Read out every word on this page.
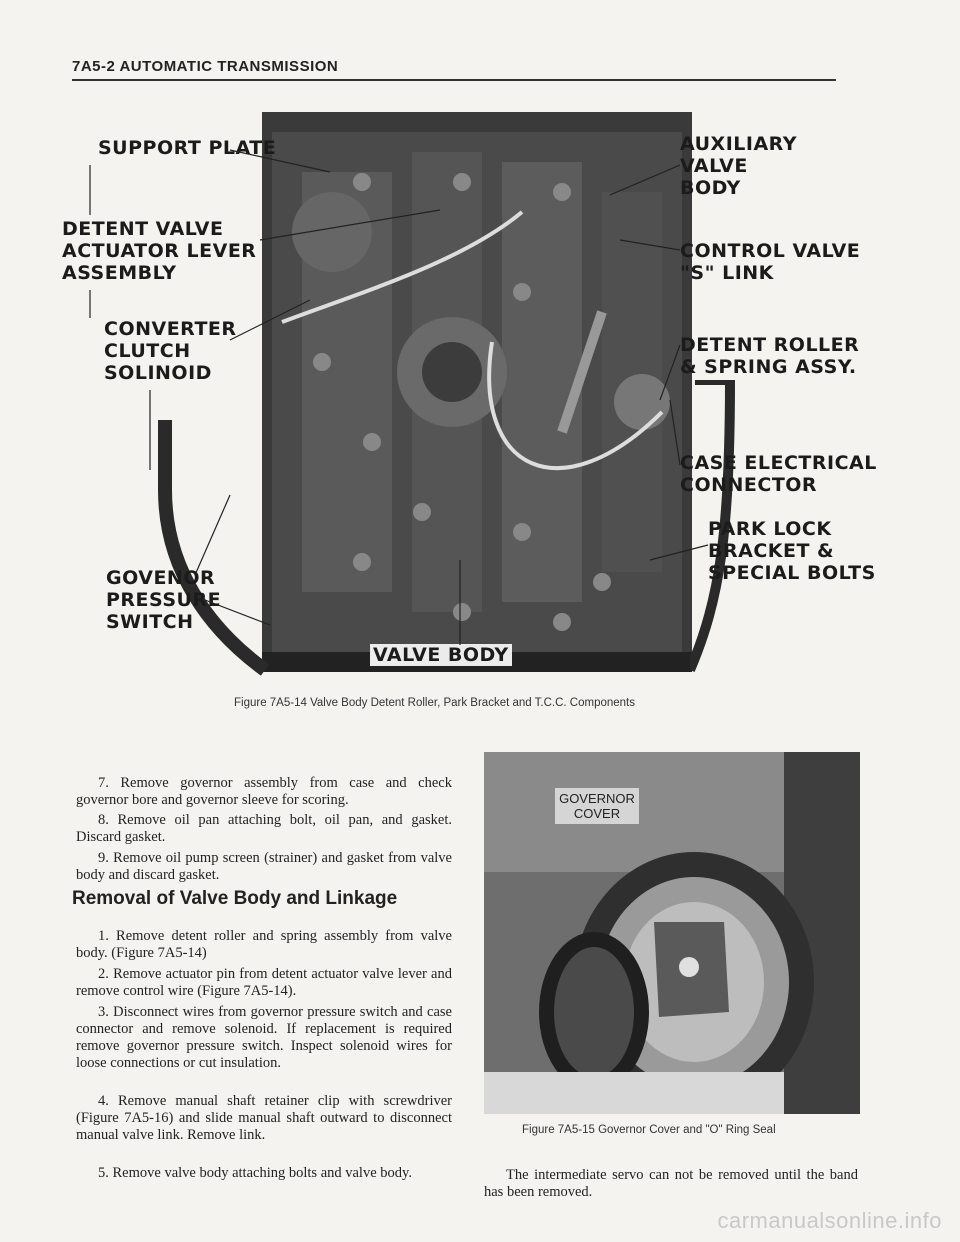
7A5-2 AUTOMATIC TRANSMISSION
SUPPORT PLATE
DETENT VALVE
ACTUATOR LEVER
ASSEMBLY
CONVERTER
CLUTCH
SOLINOID
GOVENOR
PRESSURE
SWITCH
VALVE BODY
AUXILIARY
VALVE
BODY
CONTROL VALVE
"S" LINK
DETENT ROLLER
& SPRING ASSY.
CASE ELECTRICAL
CONNECTOR
PARK LOCK
BRACKET &
SPECIAL BOLTS
Figure 7A5-14 Valve Body Detent Roller, Park Bracket and T.C.C. Components
7. Remove governor assembly from case and check governor bore and governor sleeve for scoring.
8. Remove oil pan attaching bolt, oil pan, and gasket. Discard gasket.
9. Remove oil pump screen (strainer) and gasket from valve body and discard gasket.
Removal of Valve Body and Linkage
1. Remove detent roller and spring assembly from valve body. (Figure 7A5-14)
2. Remove actuator pin from detent actuator valve lever and remove control wire (Figure 7A5-14).
3. Disconnect wires from governor pressure switch and case connector and remove solenoid. If replacement is required remove governor pressure switch. Inspect solenoid wires for loose connections or cut insulation.
4. Remove manual shaft retainer clip with screwdriver (Figure 7A5-16) and slide manual shaft outward to disconnect manual valve link. Remove link.
5. Remove valve body attaching bolts and valve body.
GOVERNOR
COVER
Figure 7A5-15 Governor Cover and "O" Ring Seal
The intermediate servo can not be removed until the band has been removed.
carmanualsonline.info
